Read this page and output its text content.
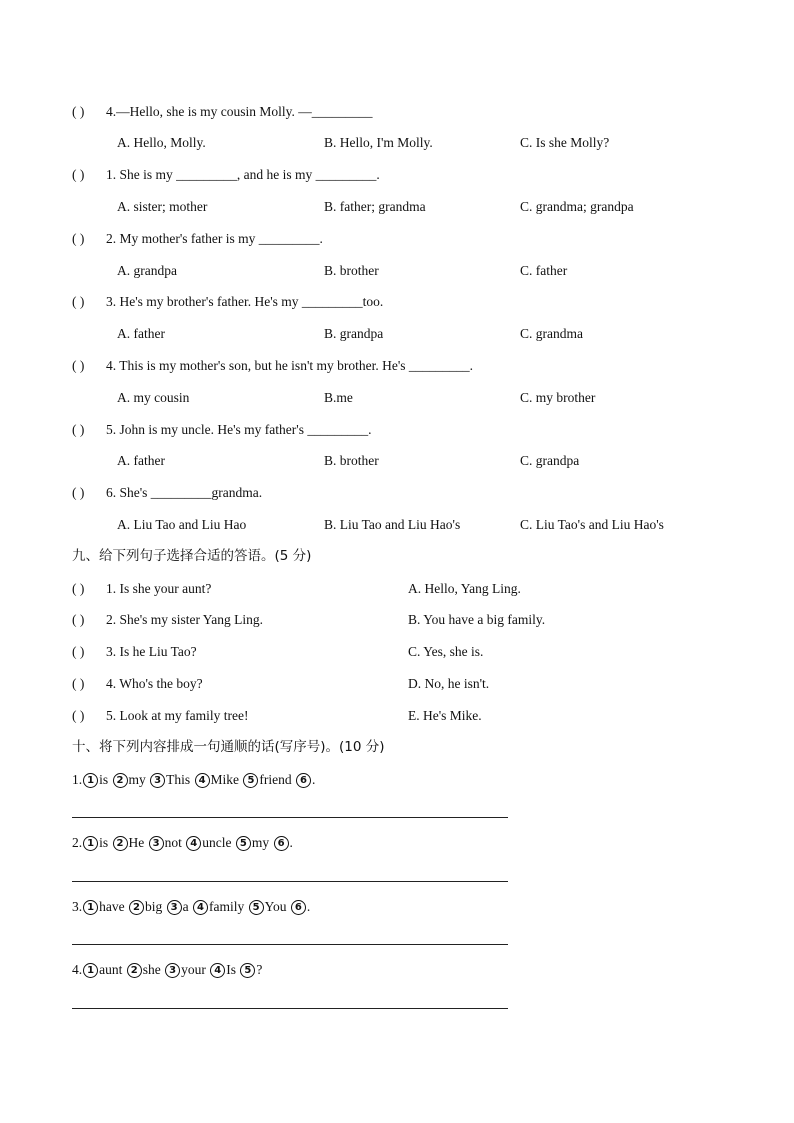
( ) 4.—Hello, she is my cousin Molly. —_________
A. Hello, Molly.	B. Hello, I'm Molly.	C. Is she Molly?
( ) 1. She is my _________, and he is my _________.
A. sister; mother	B. father; grandma	C. grandma; grandpa
( ) 2. My mother's father is my _________.
A. grandpa	B. brother	C. father
( ) 3. He's my brother's father. He's my _________too.
A. father	B. grandpa	C. grandma
( ) 4. This is my mother's son, but he isn't my brother. He's _________.
A. my cousin	B.me	C. my brother
( ) 5. John is my uncle. He's my father's _________.
A. father	B. brother	C. grandpa
( ) 6. She's _________grandma.
A. Liu Tao and Liu Hao	B. Liu Tao and Liu Hao's	C. Liu Tao's and Liu Hao's
九、给下列句子选择合适的答语。(5 分)
( ) 1. Is she your aunt?	A. Hello, Yang Ling.
( ) 2. She's my sister Yang Ling.	B. You have a big family.
( ) 3. Is he Liu Tao?	C. Yes, she is.
( ) 4. Who's the boy?	D. No, he isn't.
( ) 5. Look at my family tree!	E. He's Mike.
十、将下列内容排成一句通顺的话(写序号)。(10 分)
1. 1 is 2 my 3 This 4 Mike 5 friend 6 .
2. 1 is 2 He 3 not 4 uncle 5 my 6 .
3. 1 have 2 big 3 a 4 family 5 You 6 .
4. 1 aunt 2 she 3 your 4 Is 5 ?
